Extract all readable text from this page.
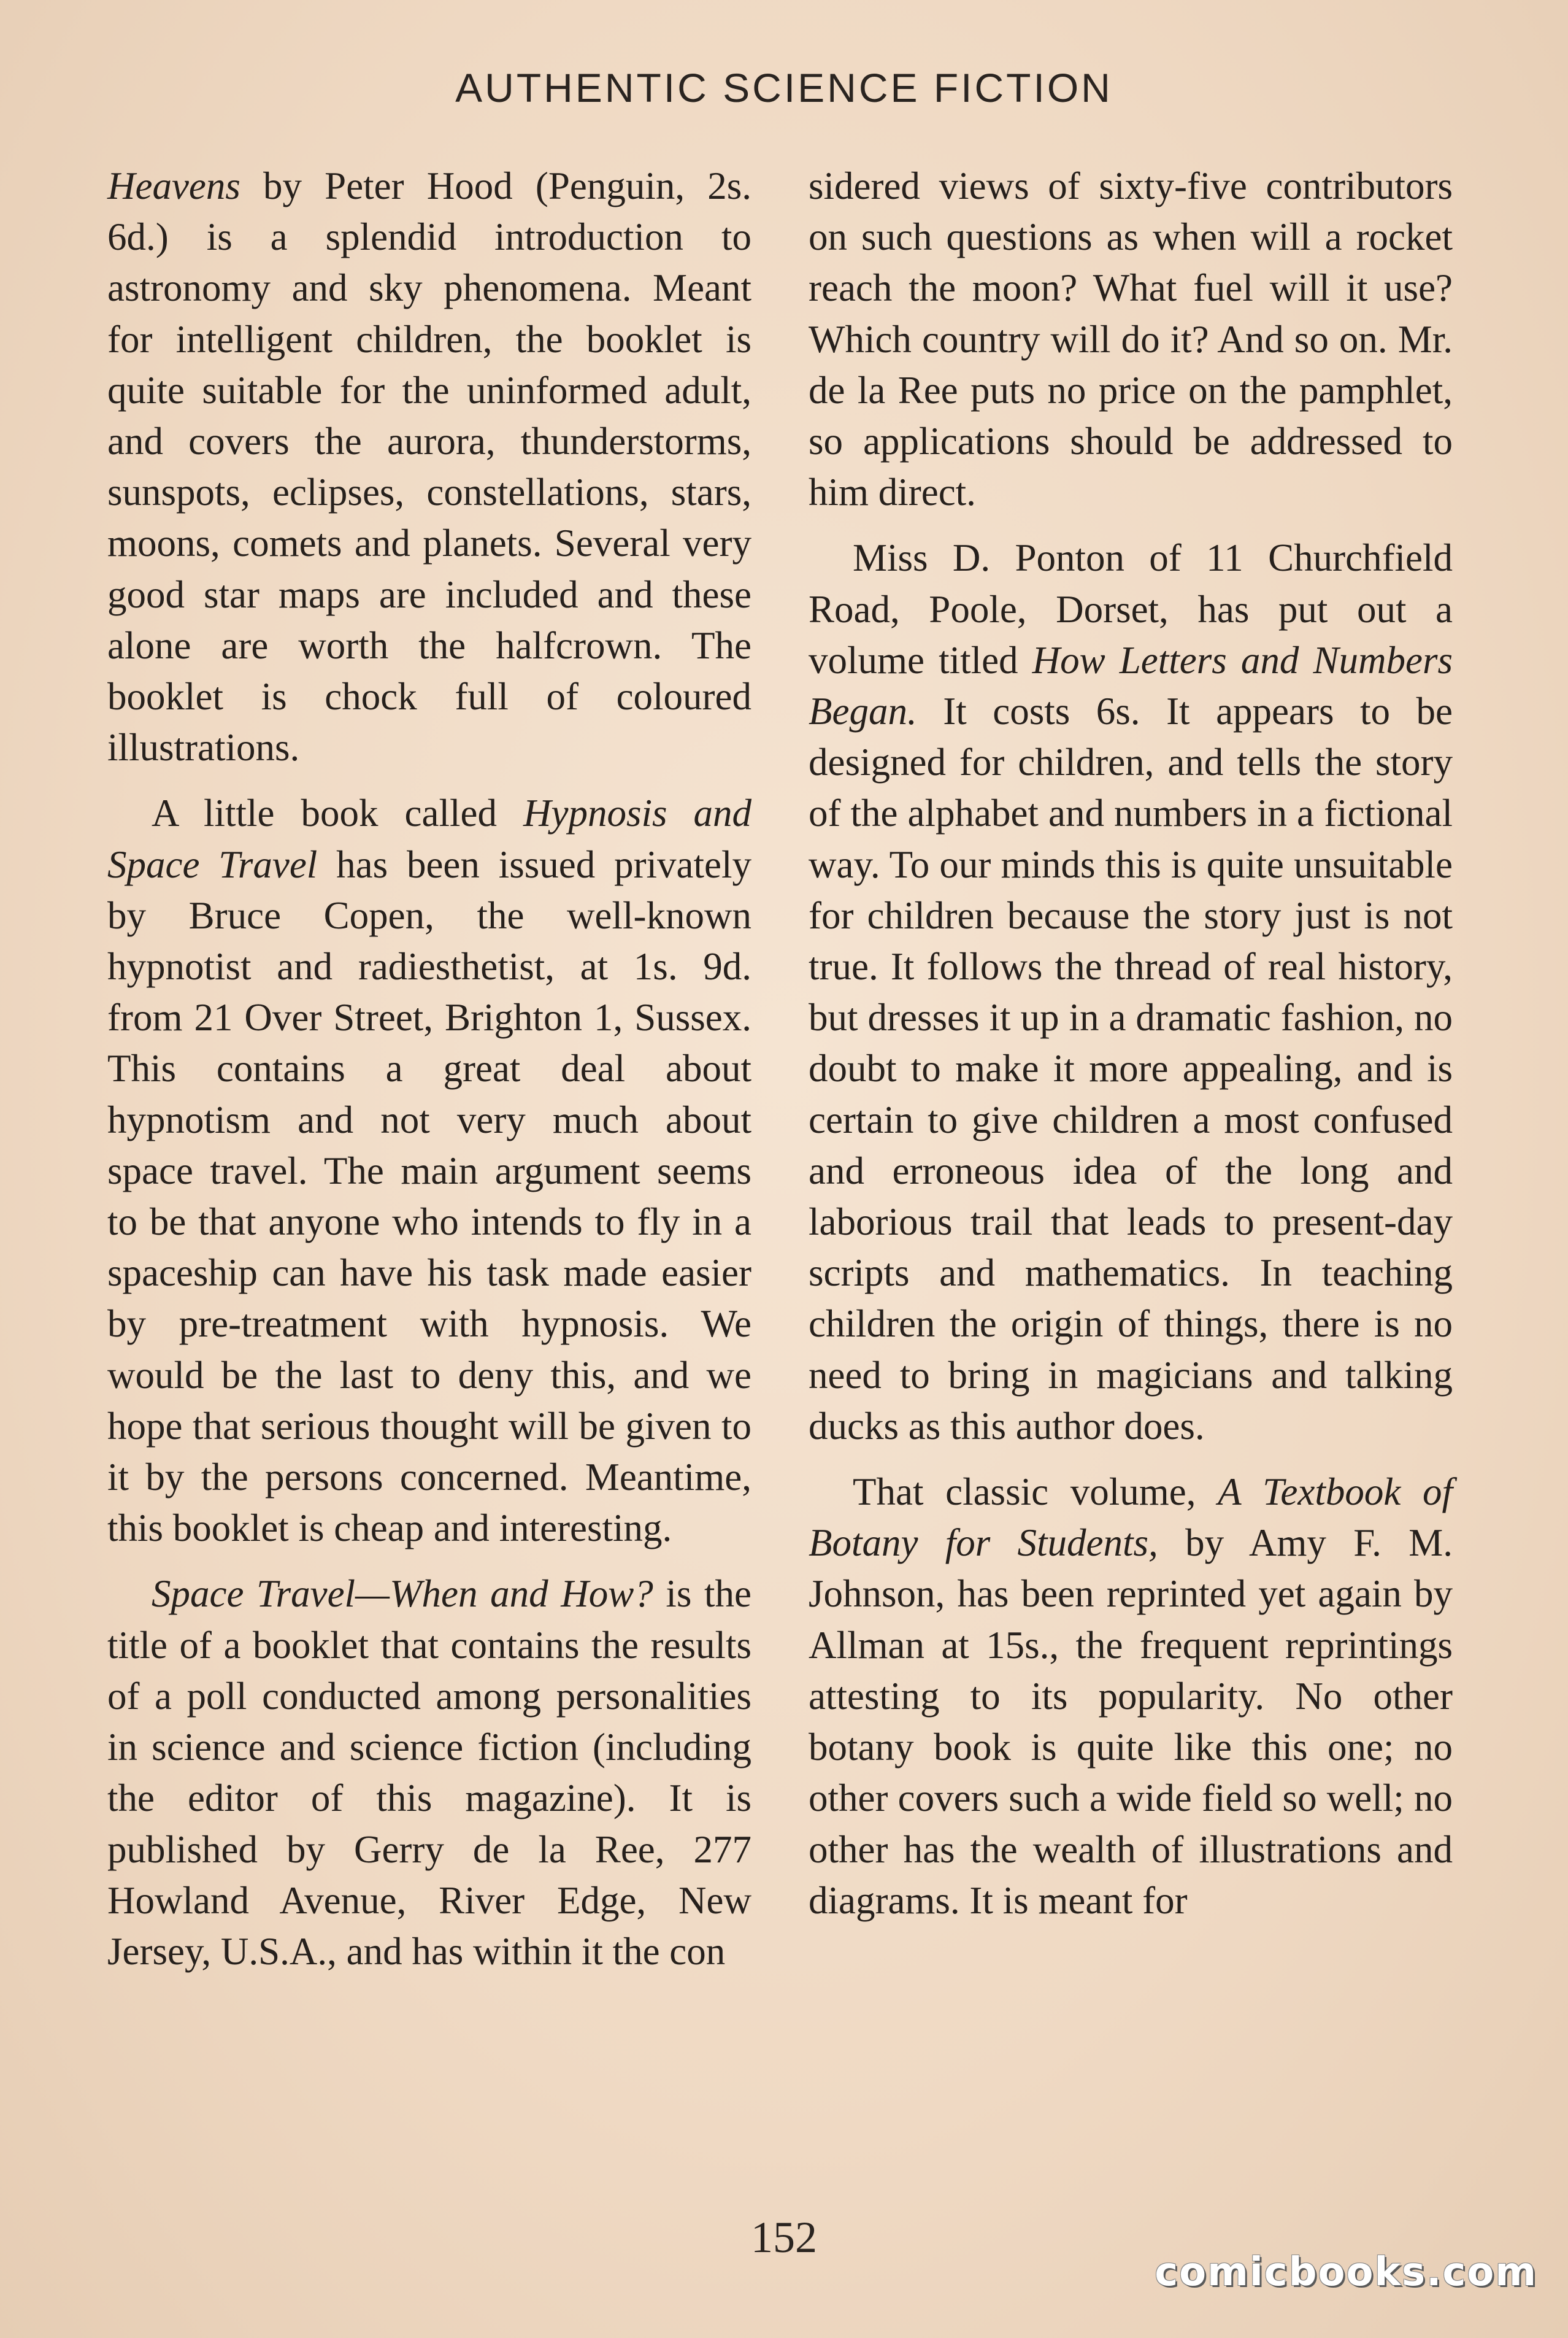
AUTHENTIC SCIENCE FICTION

Heavens by Peter Hood (Penguin, 2s. 6d.) is a splendid introduction to astronomy and sky phenomena. Meant for intelligent children, the booklet is quite suitable for the uninformed adult, and covers the aurora, thunderstorms, sunspots, eclipses, constellations, stars, moons, comets and planets. Several very good star maps are included and these alone are worth the halfcrown. The booklet is chock full of coloured illustrations.

A little book called Hypnosis and Space Travel has been issued privately by Bruce Copen, the well-known hypnotist and radiesthetist, at 1s. 9d. from 21 Over Street, Brighton 1, Sussex. This contains a great deal about hypnotism and not very much about space travel. The main argument seems to be that anyone who intends to fly in a spaceship can have his task made easier by pre-treatment with hypnosis. We would be the last to deny this, and we hope that serious thought will be given to it by the persons concerned. Meantime, this booklet is cheap and interesting.

Space Travel—When and How? is the title of a booklet that contains the results of a poll conducted among personalities in science and science fiction (including the editor of this magazine). It is published by Gerry de la Ree, 277 Howland Avenue, River Edge, New Jersey, U.S.A., and has within it the con

sidered views of sixty-five contributors on such questions as when will a rocket reach the moon? What fuel will it use? Which country will do it? And so on. Mr. de la Ree puts no price on the pamphlet, so applications should be addressed to him direct.

Miss D. Ponton of 11 Churchfield Road, Poole, Dorset, has put out a volume titled How Letters and Numbers Began. It costs 6s. It appears to be designed for children, and tells the story of the alphabet and numbers in a fictional way. To our minds this is quite unsuitable for children because the story just is not true. It follows the thread of real history, but dresses it up in a dramatic fashion, no doubt to make it more appealing, and is certain to give children a most confused and erroneous idea of the long and laborious trail that leads to present-day scripts and mathematics. In teaching children the origin of things, there is no need to bring in magicians and talking ducks as this author does.

That classic volume, A Textbook of Botany for Students, by Amy F. M. Johnson, has been reprinted yet again by Allman at 15s., the frequent reprintings attesting to its popularity. No other botany book is quite like this one; no other covers such a wide field so well; no other has the wealth of illustrations and diagrams. It is meant for

152
comicbooks.com
